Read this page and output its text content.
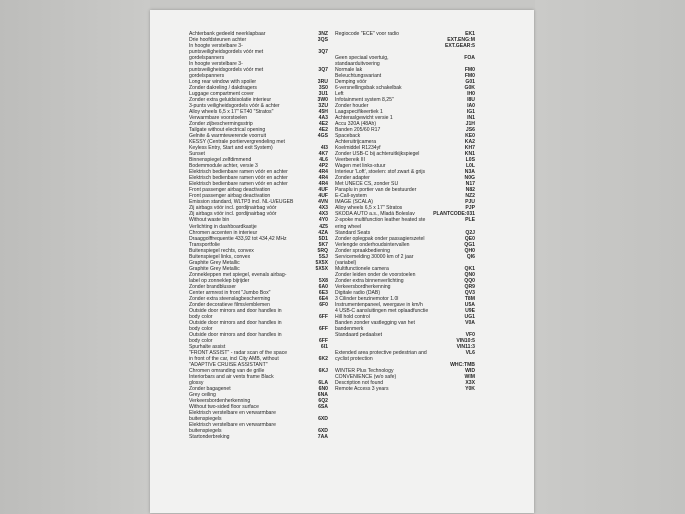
Achterbank gedeeld neerklapbaar	3NZ
Drie hoofdsteunen achter	3QS
In hoogte verstelbare 3-
puntsveiligheidsgordels vóór met	3Q7
gordelspanners
In hoogte verstelbare 3-
puntsveiligheidsgordels vóór met	3Q7
gordelspanners
Long rear window with spoiler	3RU
Zonder dakreling / dakdragers	3S0
Luggage compartment cover	3U1
Zonder extra geluidsisolatie interieur	3W0
3-punts veiligheidsgordels vóór & achter	3ZU
Alloy wheels 6,5 x 17" ET40 "Stratos"	45H
Verwarmbare voorstoelen	4A3
Zonder zijbeschermingsstrip	4E2
Tailgate without electrical opening	4E2
Gelnite & warmtewerende voorruit	4GS
KESSY (Centrale portiervergrendeling met
Keyless Entry, Start and exit System)	4I3
Sunset	4K7
Binnenspiegel zelfdimmend	4L6
Bodemmodule achter, versie 3	4P2
Elektrisch bedienbare ramen vóór en achter	4R4
Elektrisch bedienbare ramen vóór en achter	4R4
Elektrisch bedienbare ramen vóór en achter	4R4
Front passenger airbag deactivation	4UF
Front passenger airbag deactivation	4UF
Emission standard, WLTP3 incl. NL-U/EUGEB	4VN
Zij airbags vóór incl. gordijnairbag vóór	4X3
Zij airbags vóór incl. gordijnairbag vóór	4X3
Without waste bin	4Y0
Verlichting in dashboardkastje	4Z5
Chromen accenten in interieur	4ZA
Draaggolffrequentie 433,92 tot 434,42 MHz	5D1
Transportfolie	5K7
Buitenspiegel rechts, convex	5RQ
Buitenspiegel links, convex	5SJ
Graphite Grey Metallic	5X5X
Graphite Grey Metallic	5X5X
Zonnekleppen met spiegel, evenals airbag-
label op zonneklep bijrijder	5X8
Zonder brandblusser	6A0
Center armrest in front "Jumbo Box"	6E3
Zonder extra steenslagbescherming	6E4
Zonder decoratieve films/emblemen	6F0
Outside door mirrors and door handles in
body color	6FF
Outside door mirrors and door handles in
body color	6FF
Outside door mirrors and door handles in
body color	6FF
Spurhalte assist	6I1
"FRONT ASSIST" - radar scan of the space
in front of the car, incl City AMB, without	6K2
"ADAPTIVE CRUISE ASSISTANT"
Chromen omranding van de grille	6KJ
Interiorbars and air vents frame Black
glossy	6LA
Zonder bagagenet	6N0
Grey ceiling	6NA
Verkeersbordenherkenning	6Q2
Without two-sided floor surface	6SA
Elektrisch verstelbare en verwarmbare
buitenspiegels	6XD
Elektrisch verstelbare en verwarmbare
buitenspiegels	6XD
Startonderbreking	7AA
Regiocode "ECE" voor radio	EK1
EXT.ENG:M
EXT.GEAR:5
Geen speciaal voertuig,	FOA
standaarduitvoering
Normale lak	FM0
Beleuchtungsvariant	FM0
Demping vóór	G01
6-versnellingsbak schakelbak	G0K
Left	IH0
Infotainment system 8,25"	I8U
Zonder houder	IA0
Laagspecifikeertiek 1	IG1
Achteraslgewicht versie 1	IN1
Accu 320A (48Ah)	J1H
Banden 205/60 R17	JS6
Spaceback	KE0
Achteruitrijcamera	KA2
Koelmiddel R1234yf	KH7
Zonder USB-C bij achteruitkijkspiegel	KN1
Veerbereik III	L0S
Wagen met links-stuur	L0L
Interieur 'Loft', stoelen: stof zwart & grijs	N3A
Zonder adapter	N0G
Met UNECE CS, zonder SU	N17
Paraplu in portier van de bestuurder	N82
E-Call-system	NZ2
IMAGE (SCALA)	PJU
Alloy wheels 6,5 x 17" Stratos	PJP
SKODA AUTO a.s., Mladá Boleslav	PLANTCODE:031
2-spoke multifunction leather heated ste	PLE
ering wheel
Standard Seats	Q2J
Zonder oplegpak onder passagierszetel	QE0
Verlengde onderhoudsintervallen	QG1
Zonder spraakbediening	QH0
Servicemelding 30000 km of 2 jaar	QI6
(variabel)
Multifunctionele camera	QK1
Zonder leiden onder de voorstoelen	QN0
Zonder extra binnenverlichting	QQ0
Verkeersbordherkenning	QR9
Digitale radio (DAB)	QV3
3 Cilinder benzinemotor 1.0l	T8M
Instrumentenpaneel, weergave in km/h	U5A
4 USB-C aansluitingen met oplaadfunctie	U9E
Hill hold control	UG1
Banden zonder vastlegging van het	V0A
bandenmerk
Standaard pedaalset	VF0
VIN10:5
VIN11:3
Extended area protective pedestrian and	VL6
cyclist protection
WHC:TMB
WINTER Plus Technology	WID
CONVENIENCE (w/o safe)	WIM
Description not found	X3X
Remote Access 3 years	Y0K
